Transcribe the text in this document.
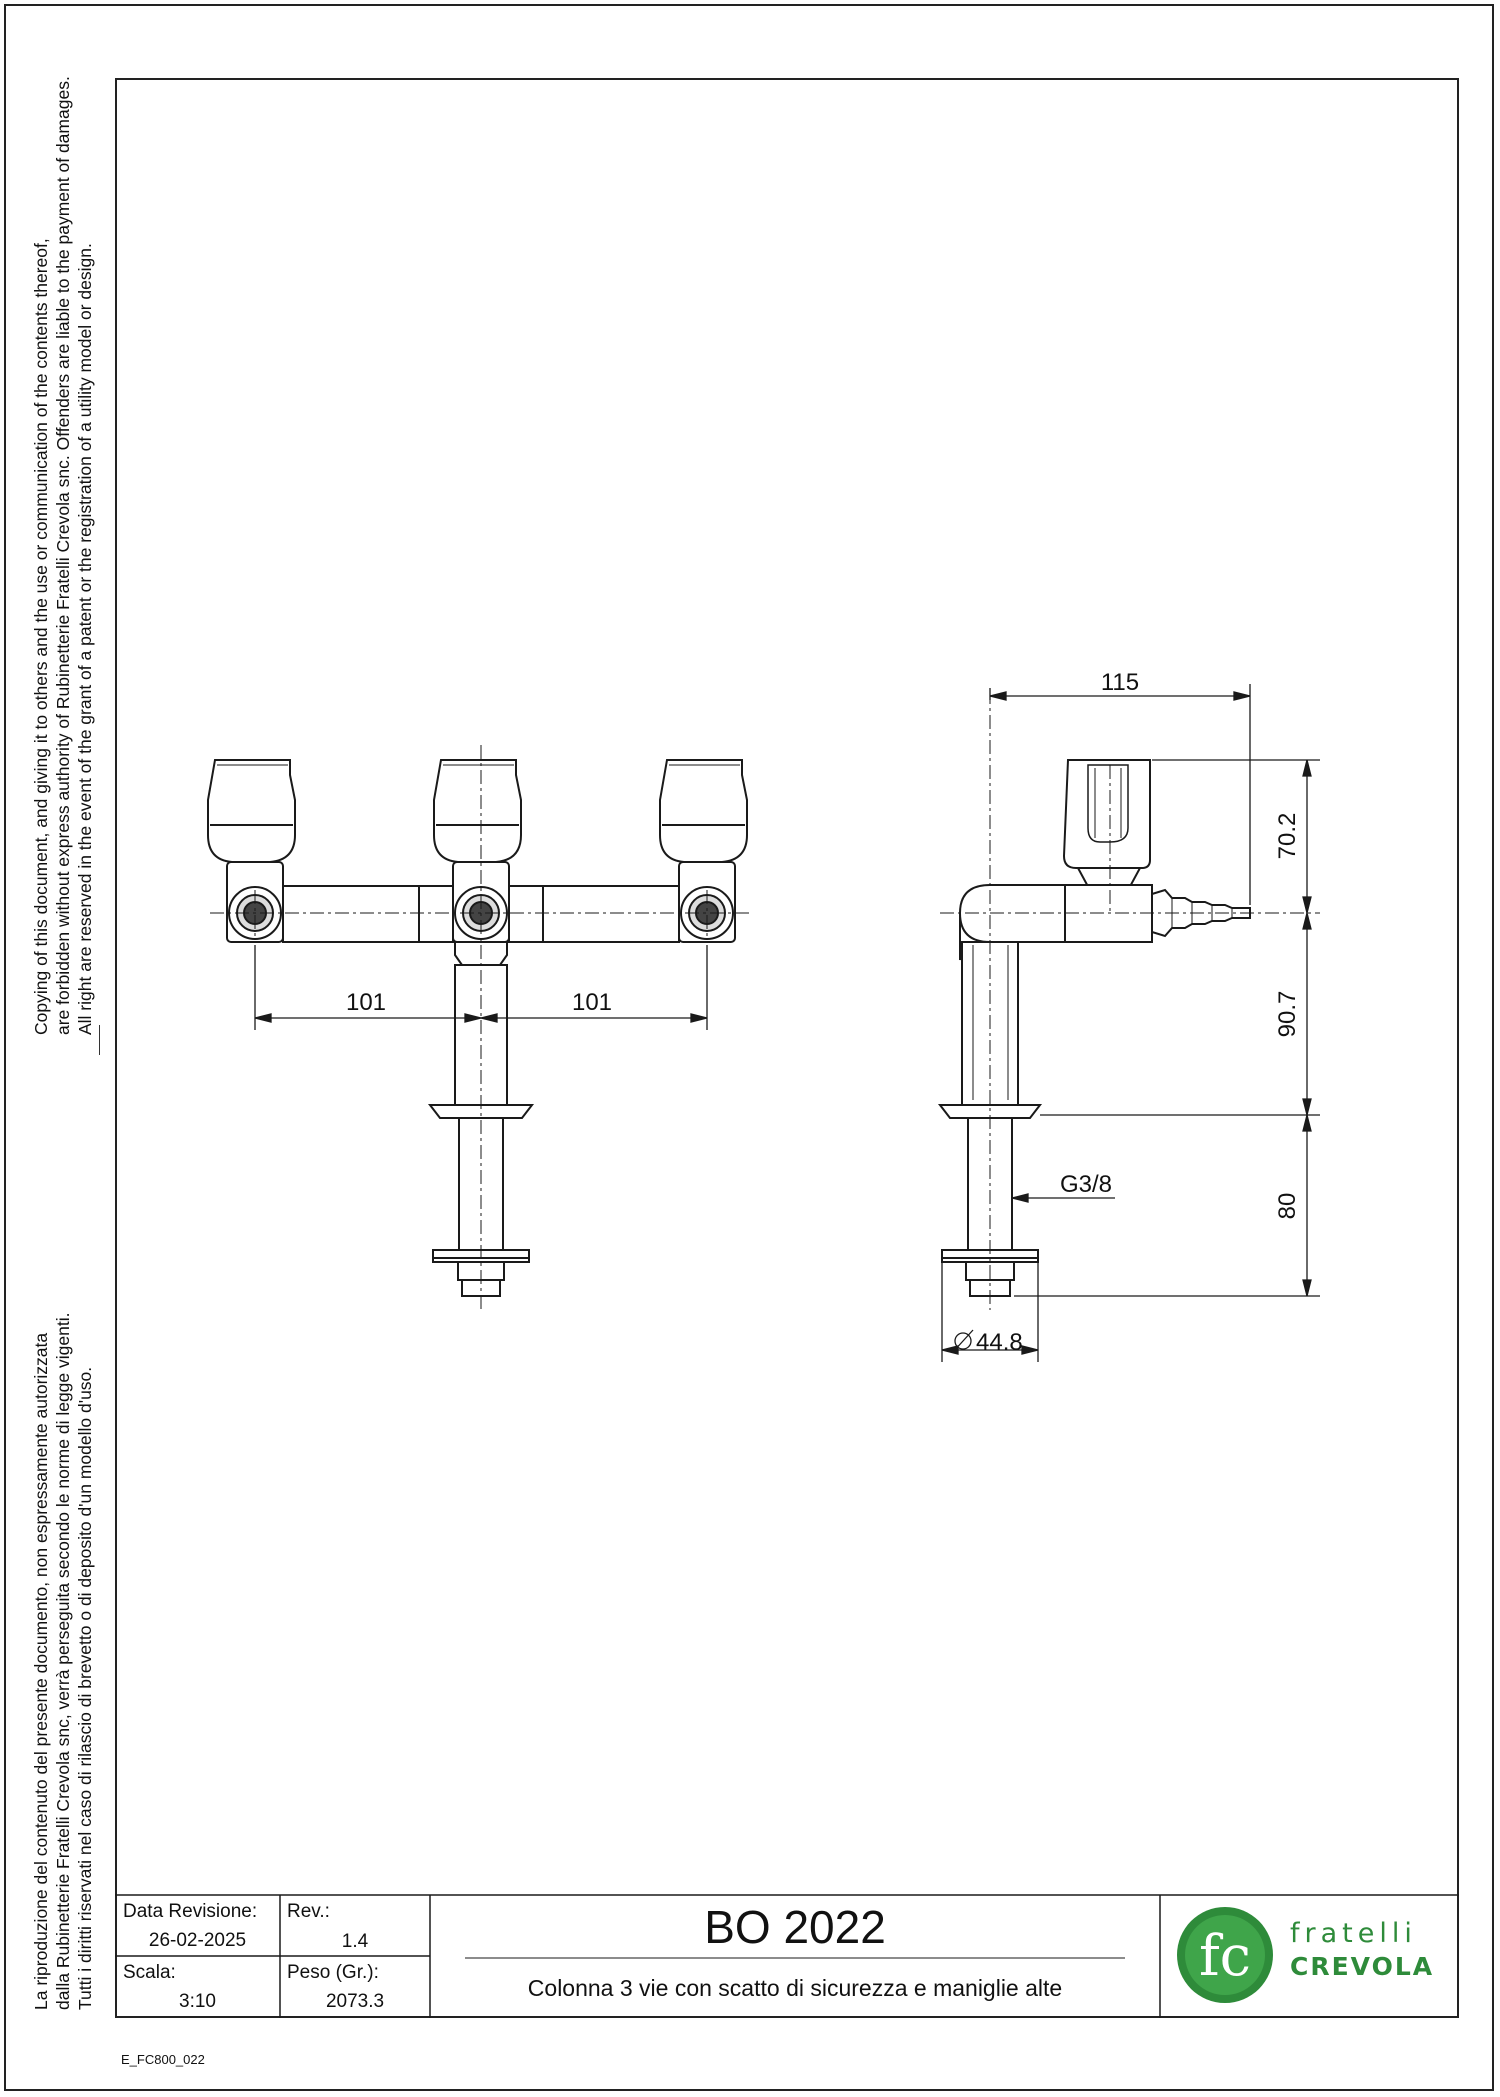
Copying of this document, and giving it to others and the use or communication of the contents thereof, are forbidden without express authority of Rubinetterie Fratelli Crevola snc. Offenders are liable to the payment of damages. All right are reserved in the event of the grant of a patent or the registration of a utility model or design.
La riproduzione del contenuto del presente documento, non espressamente autorizzata dalla Rubinetterie Fratelli Crevola snc, verrà perseguita secondo le norme di legge vigenti. Tutti i diritti riservati nel caso di rilascio di brevetto o di deposito d'un modello d'uso.
101	101
115
70.2
90.7
80
G3/8
44.8
fc
Data Revisione:
26-02-2025
Rev.:
1.4
Scala:
3:10
Peso (Gr.):
2073.3
BO 2022
Colonna 3 vie con scatto di sicurezza e maniglie alte
fratelli
CREVOLA
E_FC800_022
